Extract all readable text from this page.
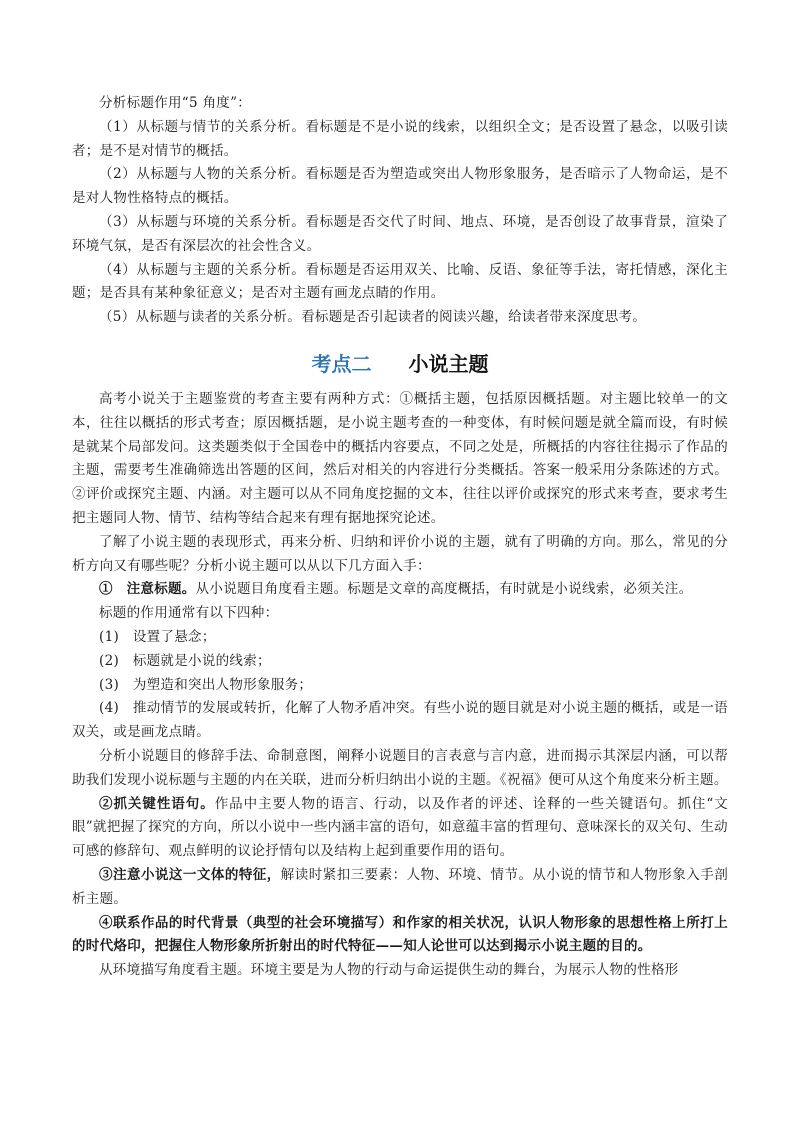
分析标题作用“5 角度”：

（1）从标题与情节的关系分析。看标题是不是小说的线索，以组织全文；是否设置了悬念，以吸引读者；是不是对情节的概括。

（2）从标题与人物的关系分析。看标题是否为塑造或突出人物形象服务，是否暗示了人物命运，是不是对人物性格特点的概括。

（3）从标题与环境的关系分析。看标题是否交代了时间、地点、环境，是否创设了故事背景，渲染了环境气氛，是否有深层次的社会性含义。

（4）从标题与主题的关系分析。看标题是否运用双关、比喻、反语、象征等手法，寄托情感，深化主题；是否具有某种象征意义；是否对主题有画龙点睛的作用。

（5）从标题与读者的关系分析。看标题是否引起读者的阅读兴趣，给读者带来深度思考。

考点二 小说主题

高考小说关于主题鉴赏的考查主要有两种方式：①概括主题，包括原因概括题。对主题比较单一的文本，往往以概括的形式考查；原因概括题，是小说主题考查的一种变体，有时候问题是就全篇而设，有时候是就某个局部发问。这类题类似于全国卷中的概括内容要点，不同之处是，所概括的内容往往揭示了作品的主题，需要考生准确筛选出答题的区间，然后对相关的内容进行分类概括。答案一般采用分条陈述的方式。②评价或探究主题、内涵。对主题可以从不同角度挖掘的文本，往往以评价或探究的形式来考查，要求考生把主题同人物、情节、结构等结合起来有理有据地探究论述。

了解了小说主题的表现形式，再来分析、归纳和评价小说的主题，就有了明确的方向。那么，常见的分析方向又有哪些呢？分析小说主题可以从以下几方面入手：

①　注意标题。从小说题目角度看主题。标题是文章的高度概括，有时就是小说线索，必须关注。

标题的作用通常有以下四种：

(1)　设置了悬念；

(2)　标题就是小说的线索；

(3)　为塑造和突出人物形象服务；

(4)　推动情节的发展或转折，化解了人物矛盾冲突。有些小说的题目就是对小说主题的概括，或是一语双关，或是画龙点睛。

分析小说题目的修辞手法、命制意图，阐释小说题目的言表意与言内意，进而揭示其深层内涵，可以帮助我们发现小说标题与主题的内在关联，进而分析归纳出小说的主题。《祝福》便可从这个角度来分析主题。

②抓关键性语句。作品中主要人物的语言、行动，以及作者的评述、诠释的一些关键语句。抓住“文眼”就把握了探究的方向，所以小说中一些内涵丰富的语句，如意蕴丰富的哲理句、意味深长的双关句、生动可感的修辞句、观点鲜明的议论抒情句以及结构上起到重要作用的语句。

③注意小说这一文体的特征，解读时紧扣三要素：人物、环境、情节。从小说的情节和人物形象入手剖析主题。

④联系作品的时代背景（典型的社会环境描写）和作家的相关状况，认识人物形象的思想性格上所打上的时代烙印，把握住人物形象所折射出的时代特征——知人论世可以达到揭示小说主题的目的。

从环境描写角度看主题。环境主要是为人物的行动与命运提供生动的舞台，为展示人物的性格形
